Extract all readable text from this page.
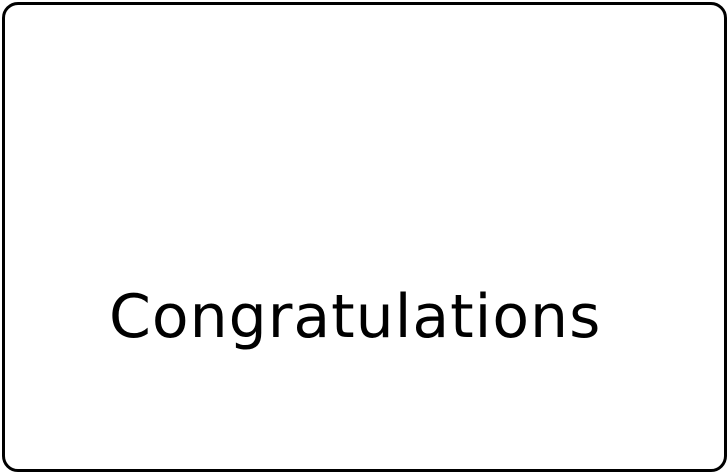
Congratulations
